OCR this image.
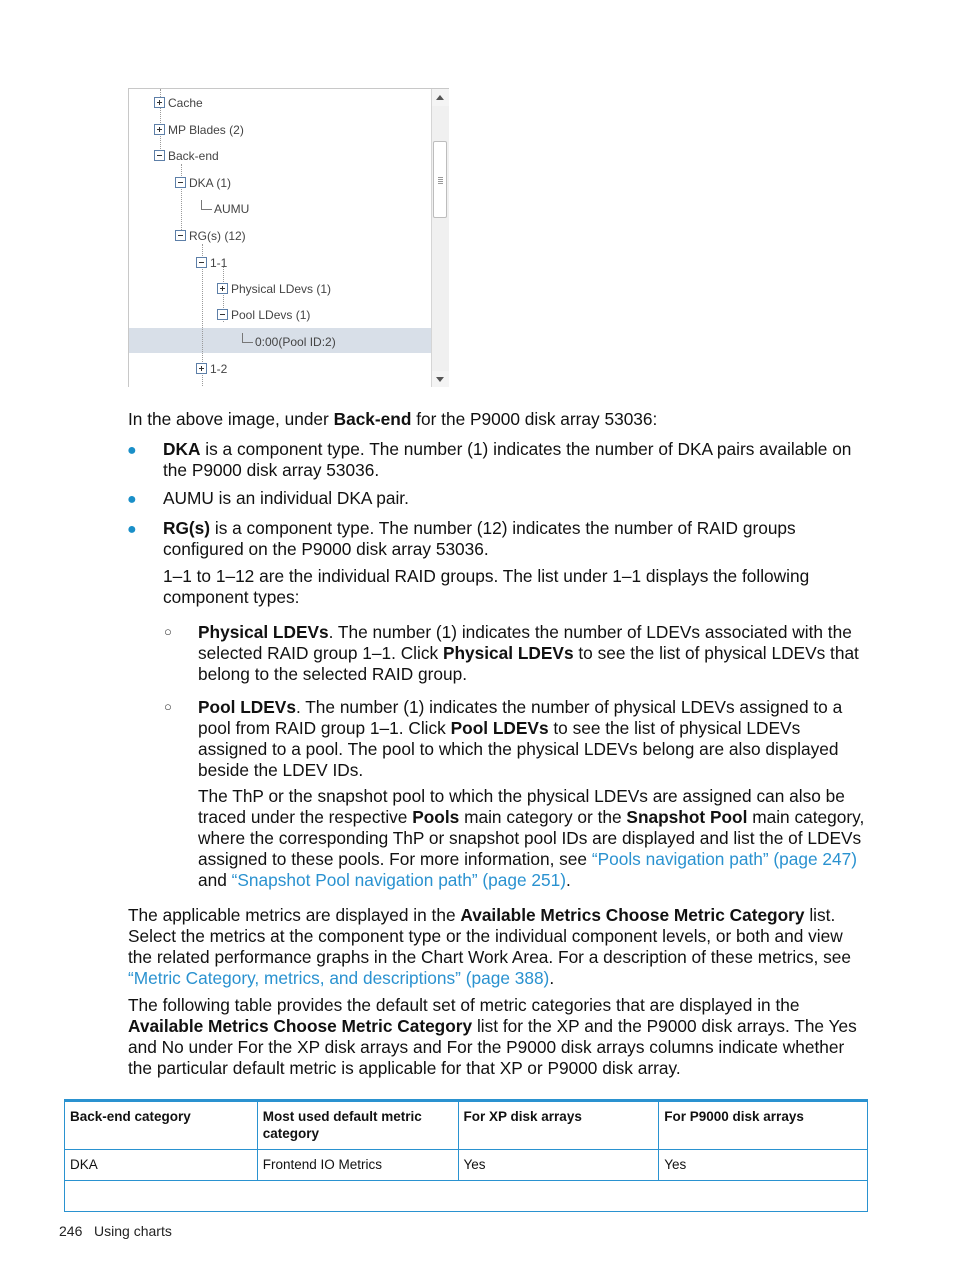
Cache
MP Blades (2)
Back-end
DKA (1)
AUMU
RG(s) (12)
1-1
Physical LDevs (1)
Pool LDevs (1)
0:00(Pool ID:2)
1-2
In the above image, under Back-end for the P9000 disk array 53036:
● DKA is a component type. The number (1) indicates the number of DKA pairs available on the P9000 disk array 53036.
● AUMU is an individual DKA pair.
● RG(s) is a component type. The number (12) indicates the number of RAID groups configured on the P9000 disk array 53036.
1–1 to 1–12 are the individual RAID groups. The list under 1–1 displays the following component types:
○ Physical LDEVs. The number (1) indicates the number of LDEVs associated with the selected RAID group 1–1. Click Physical LDEVs to see the list of physical LDEVs that belong to the selected RAID group.
○ Pool LDEVs. The number (1) indicates the number of physical LDEVs assigned to a pool from RAID group 1–1. Click Pool LDEVs to see the list of physical LDEVs assigned to a pool. The pool to which the physical LDEVs belong are also displayed beside the LDEV IDs.
The ThP or the snapshot pool to which the physical LDEVs are assigned can also be traced under the respective Pools main category or the Snapshot Pool main category, where the corresponding ThP or snapshot pool IDs are displayed and list the of LDEVs assigned to these pools. For more information, see “Pools navigation path” (page 247) and “Snapshot Pool navigation path” (page 251).
The applicable metrics are displayed in the Available Metrics Choose Metric Category list. Select the metrics at the component type or the individual component levels, or both and view the related performance graphs in the Chart Work Area. For a description of these metrics, see “Metric Category, metrics, and descriptions” (page 388).
The following table provides the default set of metric categories that are displayed in the Available Metrics Choose Metric Category list for the XP and the P9000 disk arrays. The Yes and No under For the XP disk arrays and For the P9000 disk arrays columns indicate whether the particular default metric is applicable for that XP or P9000 disk array.
Back-end category	Most used default metric category	For XP disk arrays	For P9000 disk arrays
DKA	Frontend IO Metrics	Yes	Yes

246 Using charts
